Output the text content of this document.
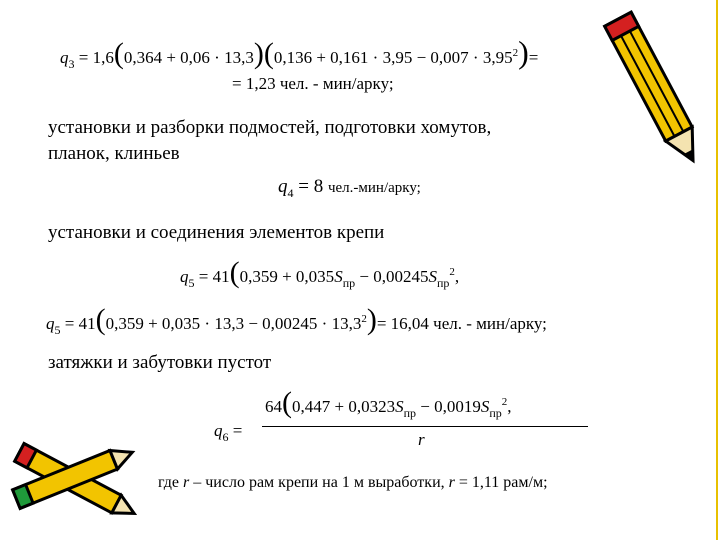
$q_3 = 1,6(0,364 + 0,06 \cdot 13,3)(0,136 + 0,161 \cdot 3,95 - 0,007 \cdot 3,95^2)=$
= 1,23 чел. - мин/арку;
установки и разборки подмостей, подготовки хомутов,
планок, клиньев
$q_4 = 8$ чел.-мин/арку;
установки и соединения элементов крепи
$q_5 = 41(0,359 + 0,035S_{пр} - 0,00245S_{пр}^2$,
$q_5 = 41(0,359 + 0,035 \cdot 13,3 - 0,00245 \cdot 13,3^2)= 16,04$ чел. - мин/арку;
затяжки и забутовки пустот
$q_6$ =
$64(0,447 + 0,0323S_{пр} - 0,0019S_{пр}^2$,
r
где r – число рам крепи на 1 м выработки, r = 1,11 рам/м;
